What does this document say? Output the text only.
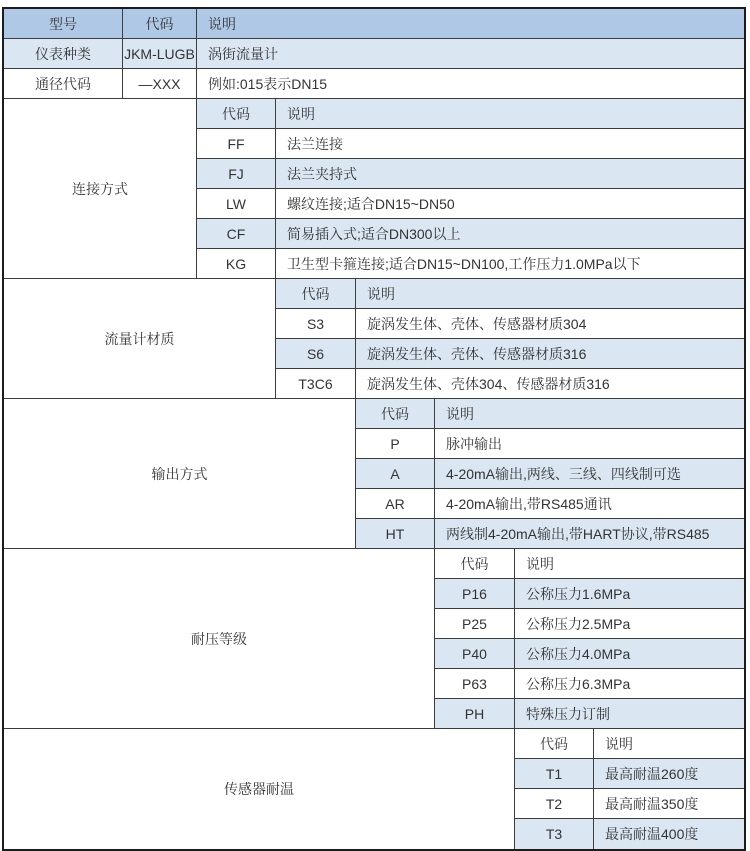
型号	代码	说明
仪表种类	JKM-LUGB 涡街流量计
通径代码	—XXX	例如:015表示DN15
连接方式
代码	说明
FF	法兰连接
FJ	法兰夹持式
LW	螺纹连接;适合DN15~DN50
CF	简易插入式;适合DN300以上
KG	卫生型卡箍连接;适合DN15~DN100,工作压力1.0MPa以下
流量计材质
代码	说明
S3	旋涡发生体、壳体、传感器材质304
S6	旋涡发生体、壳体、传感器材质316
T3C6	旋涡发生体、壳体304、传感器材质316
输出方式
代码	说明
P	脉冲输出
A	4-20mA输出,两线、三线、四线制可选
AR	4-20mA输出,带RS485通讯
HT	两线制4-20mA输出,带HART协议,带RS485
耐压等级
代码	说明
P16	公称压力1.6MPa
P25	公称压力2.5MPa
P40	公称压力4.0MPa
P63	公称压力6.3MPa
PH	特殊压力订制
传感器耐温
代码	说明
T1	最高耐温260度
T2	最高耐温350度
T3	最高耐温400度
